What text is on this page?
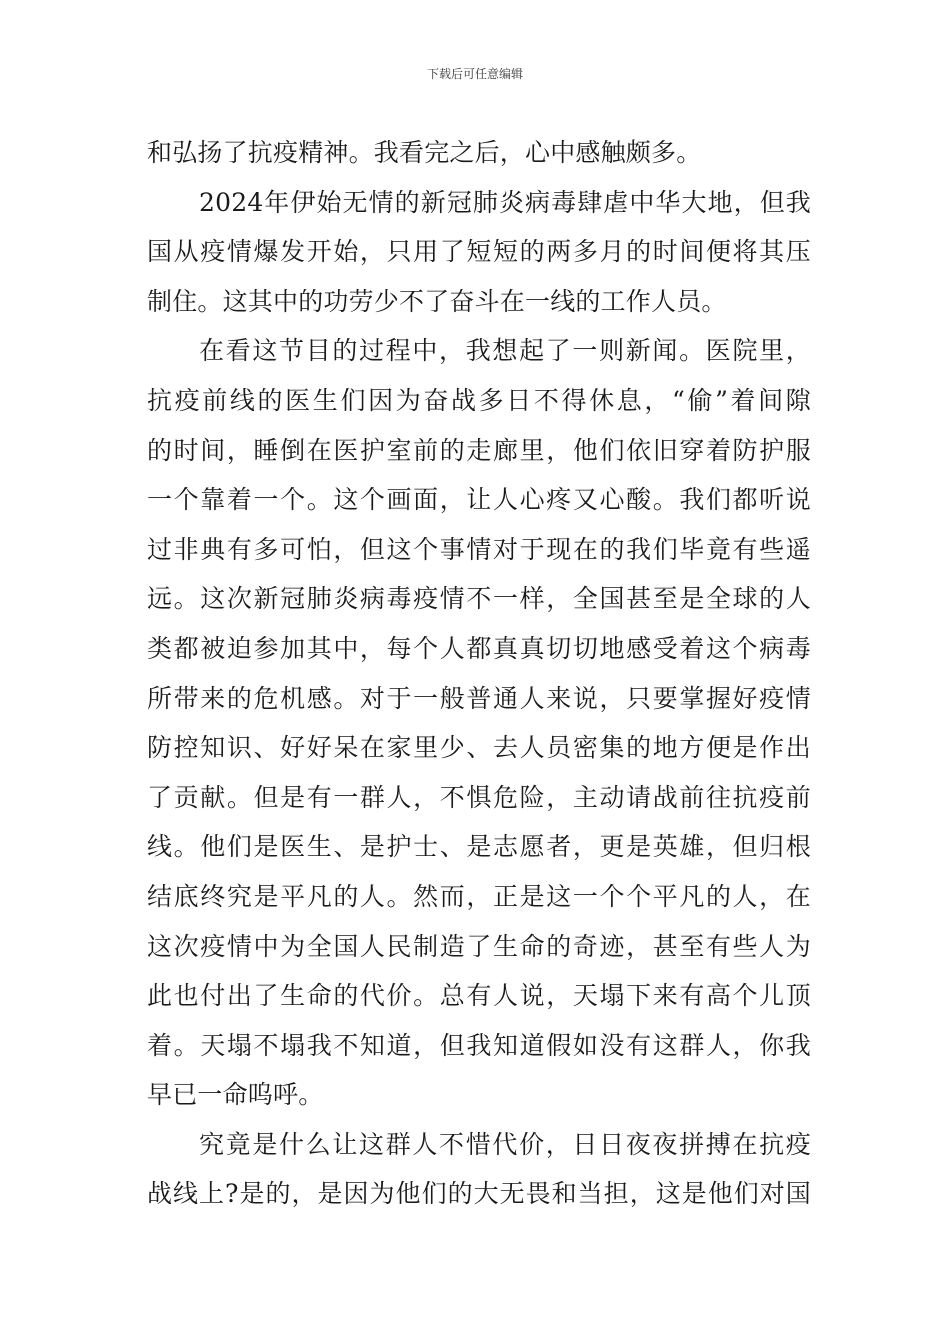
下载后可任意编辑
和弘扬了抗疫精神。我看完之后，心中感触颇多。
2024年伊始无情的新冠肺炎病毒肆虐中华大地，但我
国从疫情爆发开始，只用了短短的两多月的时间便将其压
制住。这其中的功劳少不了奋斗在一线的工作人员。
在看这节目的过程中，我想起了一则新闻。医院里，
抗疫前线的医生们因为奋战多日不得休息，“偷”着间隙
的时间，睡倒在医护室前的走廊里，他们依旧穿着防护服
一个靠着一个。这个画面，让人心疼又心酸。我们都听说
过非典有多可怕，但这个事情对于现在的我们毕竟有些遥
远。这次新冠肺炎病毒疫情不一样，全国甚至是全球的人
类都被迫参加其中，每个人都真真切切地感受着这个病毒
所带来的危机感。对于一般普通人来说，只要掌握好疫情
防控知识、好好呆在家里少、去人员密集的地方便是作出
了贡献。但是有一群人，不惧危险，主动请战前往抗疫前
线。他们是医生、是护士、是志愿者，更是英雄，但归根
结底终究是平凡的人。然而，正是这一个个平凡的人，在
这次疫情中为全国人民制造了生命的奇迹，甚至有些人为
此也付出了生命的代价。总有人说，天塌下来有高个儿顶
着。天塌不塌我不知道，但我知道假如没有这群人，你我
早已一命呜呼。
究竟是什么让这群人不惜代价，日日夜夜拼搏在抗疫
战线上?是的，是因为他们的大无畏和当担，这是他们对国
